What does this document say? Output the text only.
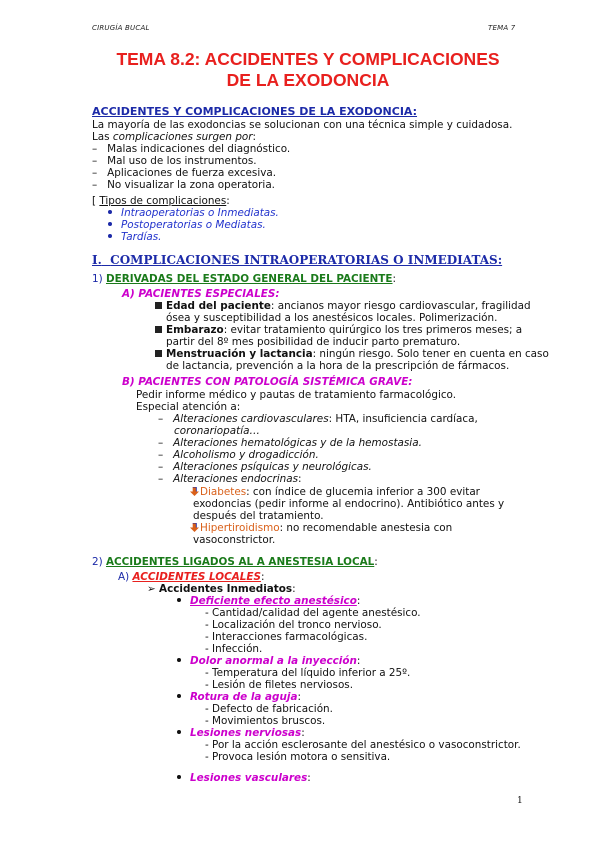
CIRUGÍA BUCAL	TEMA 7
TEMA 8.2: ACCIDENTES Y COMPLICACIONES
DE LA EXODONCIA
ACCIDENTES Y COMPLICACIONES DE LA EXODONCIA:
La mayoría de las exodoncias se solucionan con una técnica simple y cuidadosa.
Las complicaciones surgen por:
–   Malas indicaciones del diagnóstico.
–   Mal uso de los instrumentos.
–   Aplicaciones de fuerza excesiva.
–   No visualizar la zona operatoria.
[ Tipos de complicaciones:
Intraoperatorias o Inmediatas.
Postoperatorias o Mediatas.
Tardías.
I. COMPLICACIONES INTRAOPERATORIAS O INMEDIATAS:
1) DERIVADAS DEL ESTADO GENERAL DEL PACIENTE:
A) PACIENTES ESPECIALES:
Edad del paciente: ancianos mayor riesgo cardiovascular, fragilidad
ósea y susceptibilidad a los anestésicos locales. Polimerización.
Embarazo: evitar tratamiento quirúrgico los tres primeros meses; a
partir del 8º mes posibilidad de inducir parto prematuro.
Menstruación y lactancia: ningún riesgo. Solo tener en cuenta en caso
de lactancia, prevención a la hora de la prescripción de fármacos.
B) PACIENTES CON PATOLOGÍA SISTÉMICA GRAVE:
Pedir informe médico y pautas de tratamiento farmacológico.
Especial atención a:
–   Alteraciones cardiovasculares: HTA, insuficiencia cardíaca,
coronariopatía…
–   Alteraciones hematológicas y de la hemostasia.
–   Alcoholismo y drogadicción.
–   Alteraciones psíquicas y neurológicas.
–   Alteraciones endocrinas:
Diabetes: con índice de glucemia inferior a 300 evitar
exodoncias (pedir informe al endocrino). Antibiótico antes y
después del tratamiento.
Hipertiroidismo: no recomendable anestesia con
vasoconstrictor.
2) ACCIDENTES LIGADOS AL A ANESTESIA LOCAL:
A) ACCIDENTES LOCALES:
➢ Accidentes Inmediatos:
Deficiente efecto anestésico:
- Cantidad/calidad del agente anestésico.
- Localización del tronco nervioso.
- Interacciones farmacológicas.
- Infección.
Dolor anormal a la inyección:
- Temperatura del líquido inferior a 25º.
- Lesión de filetes nerviosos.
Rotura de la aguja:
- Defecto de fabricación.
- Movimientos bruscos.
Lesiones nerviosas:
- Por la acción esclerosante del anestésico o vasoconstrictor.
- Provoca lesión motora o sensitiva.
Lesiones vasculares:
1
